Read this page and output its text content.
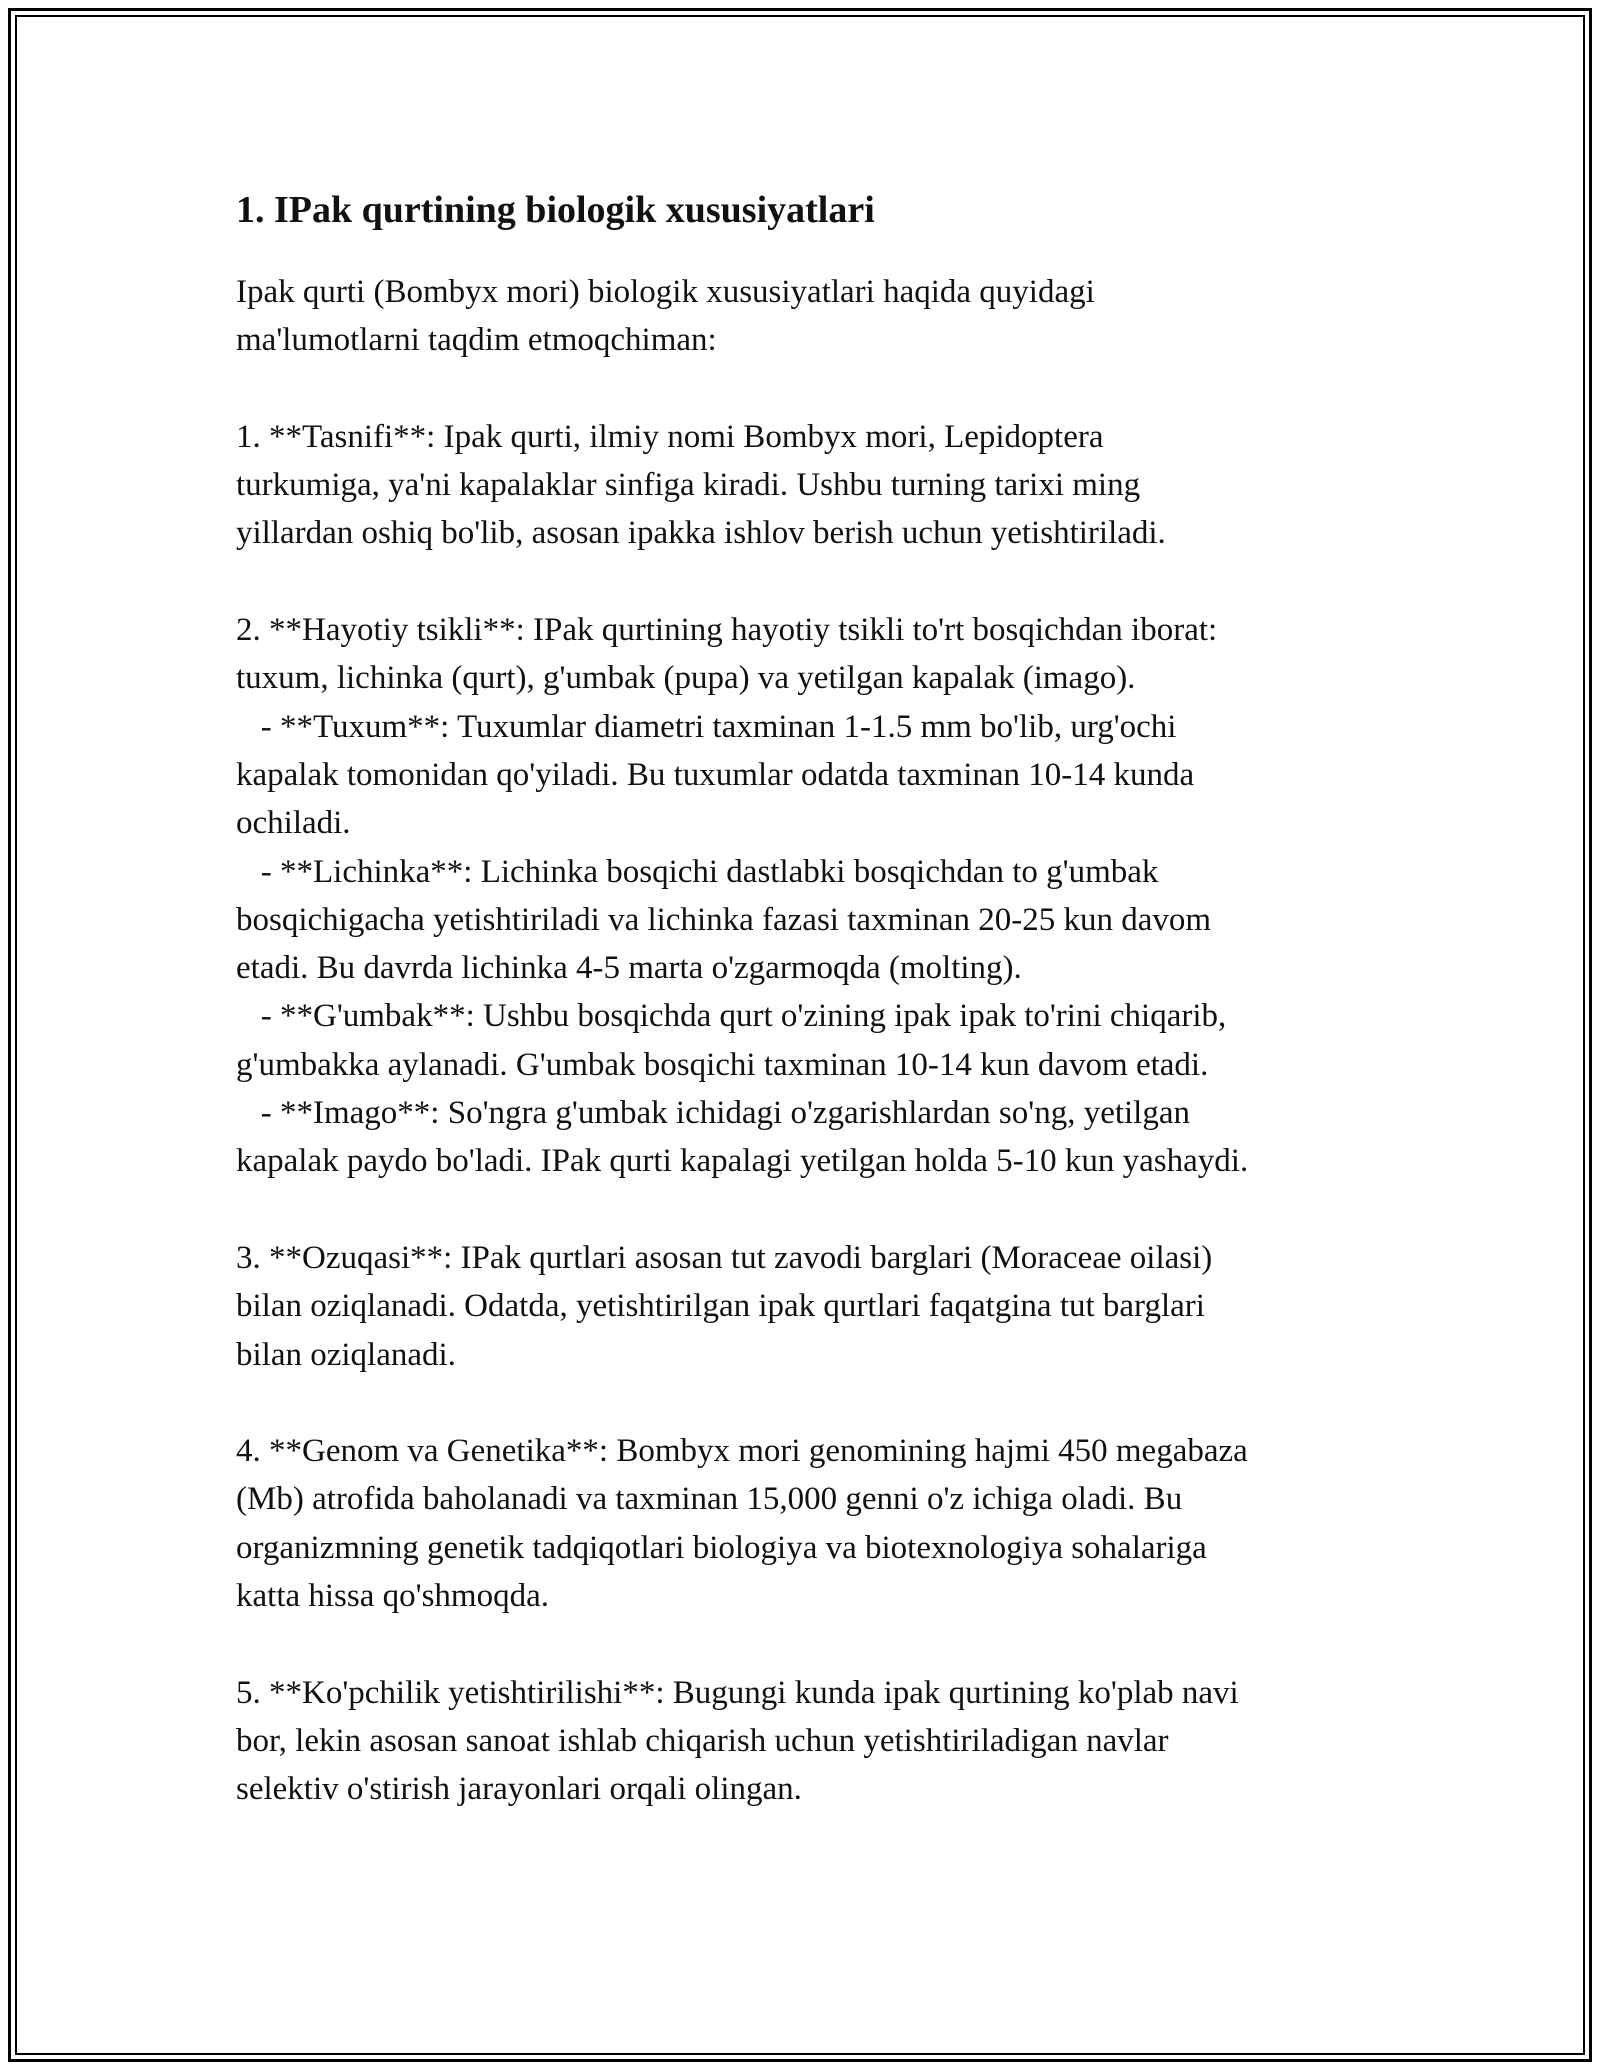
1. IPak qurtining biologik xususiyatlari

Ipak qurti (Bombyx mori) biologik xususiyatlari haqida quyidagi
ma'lumotlarni taqdim etmoqchiman:

1. **Tasnifi**: Ipak qurti, ilmiy nomi Bombyx mori, Lepidoptera
turkumiga, ya'ni kapalaklar sinfiga kiradi. Ushbu turning tarixi ming
yillardan oshiq bo'lib, asosan ipakka ishlov berish uchun yetishtiriladi.

2. **Hayotiy tsikli**: IPak qurtining hayotiy tsikli to'rt bosqichdan iborat:
tuxum, lichinka (qurt), g'umbak (pupa) va yetilgan kapalak (imago).
- **Tuxum**: Tuxumlar diametri taxminan 1-1.5 mm bo'lib, urg'ochi
kapalak tomonidan qo'yiladi. Bu tuxumlar odatda taxminan 10-14 kunda
ochiladi.
- **Lichinka**: Lichinka bosqichi dastlabki bosqichdan to g'umbak
bosqichigacha yetishtiriladi va lichinka fazasi taxminan 20-25 kun davom
etadi. Bu davrda lichinka 4-5 marta o'zgarmoqda (molting).
- **G'umbak**: Ushbu bosqichda qurt o'zining ipak ipak to'rini chiqarib,
g'umbakka aylanadi. G'umbak bosqichi taxminan 10-14 kun davom etadi.
- **Imago**: So'ngra g'umbak ichidagi o'zgarishlardan so'ng, yetilgan
kapalak paydo bo'ladi. IPak qurti kapalagi yetilgan holda 5-10 kun yashaydi.

3. **Ozuqasi**: IPak qurtlari asosan tut zavodi barglari (Moraceae oilasi)
bilan oziqlanadi. Odatda, yetishtirilgan ipak qurtlari faqatgina tut barglari
bilan oziqlanadi.

4. **Genom va Genetika**: Bombyx mori genomining hajmi 450 megabaza
(Mb) atrofida baholanadi va taxminan 15,000 genni o'z ichiga oladi. Bu
organizmning genetik tadqiqotlari biologiya va biotexnologiya sohalariga
katta hissa qo'shmoqda.

5. **Ko'pchilik yetishtirilishi**: Bugungi kunda ipak qurtining ko'plab navi
bor, lekin asosan sanoat ishlab chiqarish uchun yetishtiriladigan navlar
selektiv o'stirish jarayonlari orqali olingan.
